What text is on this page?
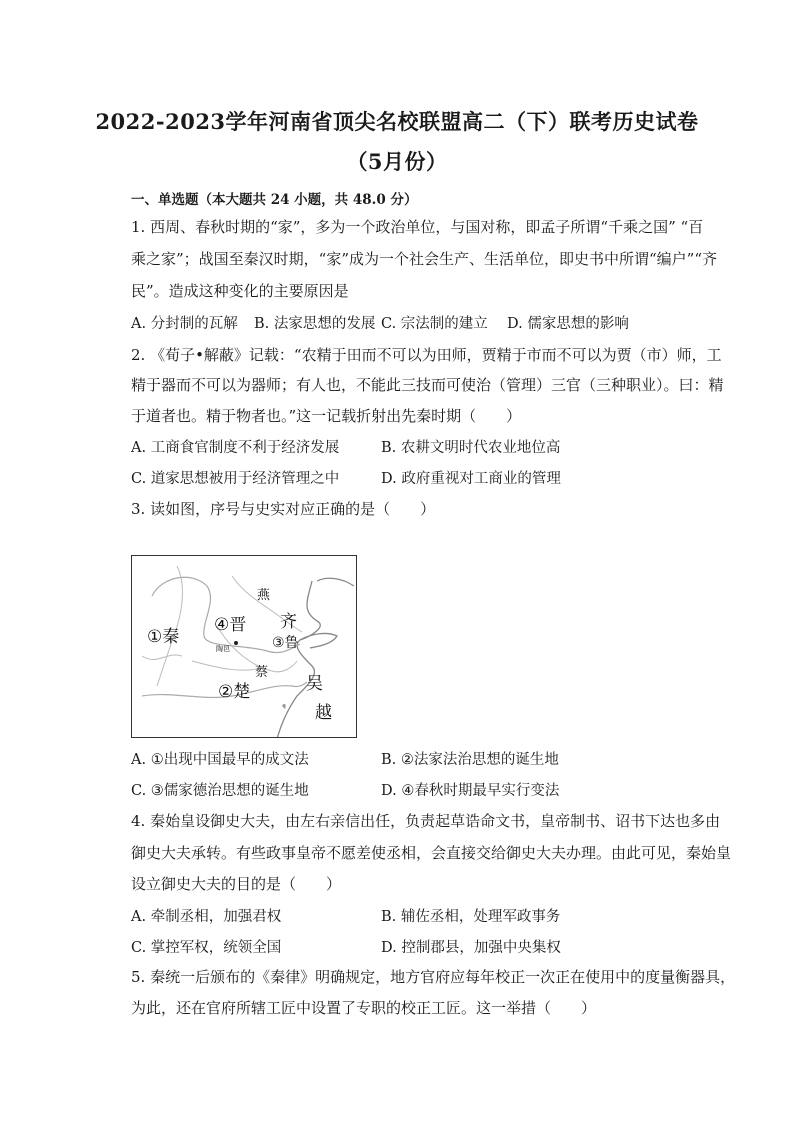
2022-2023学年河南省顶尖名校联盟高二（下）联考历史试卷
（5月份）
一、单选题（本大题共 24 小题，共 48.0 分）
1. 西周、春秋时期的“家”，多为一个政治单位，与国对称，即孟子所谓“千乘之国” “百
乘之家”；战国至秦汉时期，“家”成为一个社会生产、生活单位，即史书中所谓“编户”“齐
民”。造成这种变化的主要原因是
A. 分封制的瓦解 B. 法家思想的发展 C. 宗法制的建立 D. 儒家思想的影响
2. 《荀子•解蔽》记载：“农精于田而不可以为田师，贾精于市而不可以为贾（市）师，工
精于器而不可以为器师；有人也，不能此三技而可使治（管理）三官（三种职业）。曰：精
于道者也。精于物者也。”这一记载折射出先秦时期（　　）
A. 工商食官制度不利于经济发展	B. 农耕文明时代农业地位高
C. 道家思想被用于经济管理之中	D. 政府重视对工商业的管理
3. 读如图，序号与史实对应正确的是（　　）
燕
④晋 齐
①秦	③鲁
陶邑
蔡
②楚	吴
越
A. ①出现中国最早的成文法	B. ②法家法治思想的诞生地
C. ③儒家德治思想的诞生地	D. ④春秋时期最早实行变法
4. 秦始皇设御史大夫，由左右亲信出任，负责起草诰命文书，皇帝制书、诏书下达也多由
御史大夫承转。有些政事皇帝不愿差使丞相，会直接交给御史大夫办理。由此可见，秦始皇
设立御史大夫的目的是（　　）
A. 牵制丞相，加强君权	B. 辅佐丞相，处理军政事务
C. 掌控军权，统领全国	D. 控制郡县，加强中央集权
5. 秦统一后颁布的《秦律》明确规定，地方官府应每年校正一次正在使用中的度量衡器具，
为此，还在官府所辖工匠中设置了专职的校正工匠。这一举措（　　）
